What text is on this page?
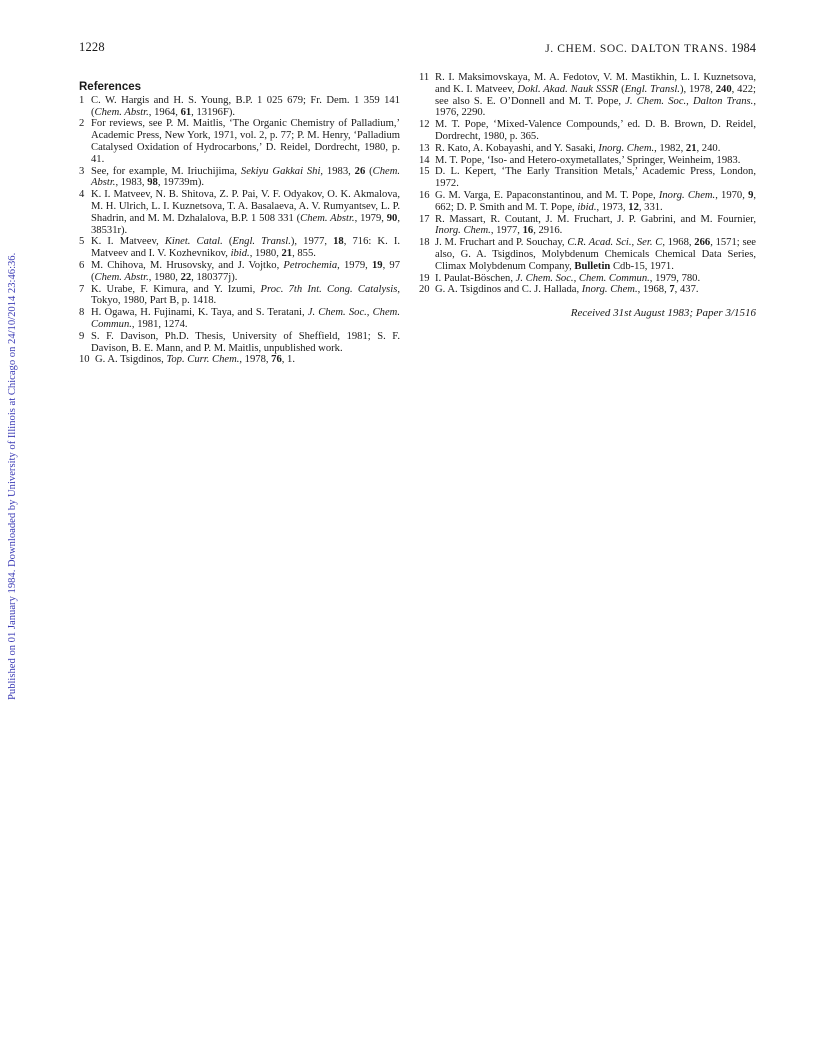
1228	J. CHEM. SOC. DALTON TRANS. 1984
Published on 01 January 1984. Downloaded by University of Illinois at Chicago on 24/10/2014 23:46:36.
References
1 C. W. Hargis and H. S. Young, B.P. 1 025 679; Fr. Dem. 1 359 141 (Chem. Abstr., 1964, 61, 13196F).
2 For reviews, see P. M. Maitlis, ‘The Organic Chemistry of Palladium,’ Academic Press, New York, 1971, vol. 2, p. 77; P. M. Henry, ‘Palladium Catalysed Oxidation of Hydrocarbons,’ D. Reidel, Dordrecht, 1980, p. 41.
3 See, for example, M. Iriuchijima, Sekiyu Gakkai Shi, 1983, 26 (Chem. Abstr., 1983, 98, 19739m).
4 K. I. Matveev, N. B. Shitova, Z. P. Pai, V. F. Odyakov, O. K. Akmalova, M. H. Ulrich, L. I. Kuznetsova, T. A. Basalaeva, A. V. Rumyantsev, L. P. Shadrin, and M. M. Dzhalalova, B.P. 1 508 331 (Chem. Abstr., 1979, 90, 38531r).
5 K. I. Matveev, Kinet. Catal. (Engl. Transl.), 1977, 18, 716: K. I. Matveev and I. V. Kozhevnikov, ibid., 1980, 21, 855.
6 M. Chihova, M. Hrusovsky, and J. Vojtko, Petrochemia, 1979, 19, 97 (Chem. Abstr., 1980, 22, 180377j).
7 K. Urabe, F. Kimura, and Y. Izumi, Proc. 7th Int. Cong. Catalysis, Tokyo, 1980, Part B, p. 1418.
8 H. Ogawa, H. Fujinami, K. Taya, and S. Teratani, J. Chem. Soc., Chem. Commun., 1981, 1274.
9 S. F. Davison, Ph.D. Thesis, University of Sheffield, 1981; S. F. Davison, B. E. Mann, and P. M. Maitlis, unpublished work.
10 G. A. Tsigdinos, Top. Curr. Chem., 1978, 76, 1.
11 R. I. Maksimovskaya, M. A. Fedotov, V. M. Mastikhin, L. I. Kuznetsova, and K. I. Matveev, Dokl. Akad. Nauk SSSR (Engl. Transl.), 1978, 240, 422; see also S. E. O’Donnell and M. T. Pope, J. Chem. Soc., Dalton Trans., 1976, 2290.
12 M. T. Pope, ‘Mixed-Valence Compounds,’ ed. D. B. Brown, D. Reidel, Dordrecht, 1980, p. 365.
13 R. Kato, A. Kobayashi, and Y. Sasaki, Inorg. Chem., 1982, 21, 240.
14 M. T. Pope, ‘Iso- and Hetero-oxymetallates,’ Springer, Weinheim, 1983.
15 D. L. Kepert, ‘The Early Transition Metals,’ Academic Press, London, 1972.
16 G. M. Varga, E. Papaconstantinou, and M. T. Pope, Inorg. Chem., 1970, 9, 662; D. P. Smith and M. T. Pope, ibid., 1973, 12, 331.
17 R. Massart, R. Coutant, J. M. Fruchart, J. P. Gabrini, and M. Fournier, Inorg. Chem., 1977, 16, 2916.
18 J. M. Fruchart and P. Souchay, C.R. Acad. Sci., Ser. C, 1968, 266, 1571; see also, G. A. Tsigdinos, Molybdenum Chemicals Chemical Data Series, Climax Molybdenum Company, Bulletin Cdb-15, 1971.
19 I. Paulat-Böschen, J. Chem. Soc., Chem. Commun., 1979, 780.
20 G. A. Tsigdinos and C. J. Hallada, Inorg. Chem., 1968, 7, 437.
Received 31st August 1983; Paper 3/1516
